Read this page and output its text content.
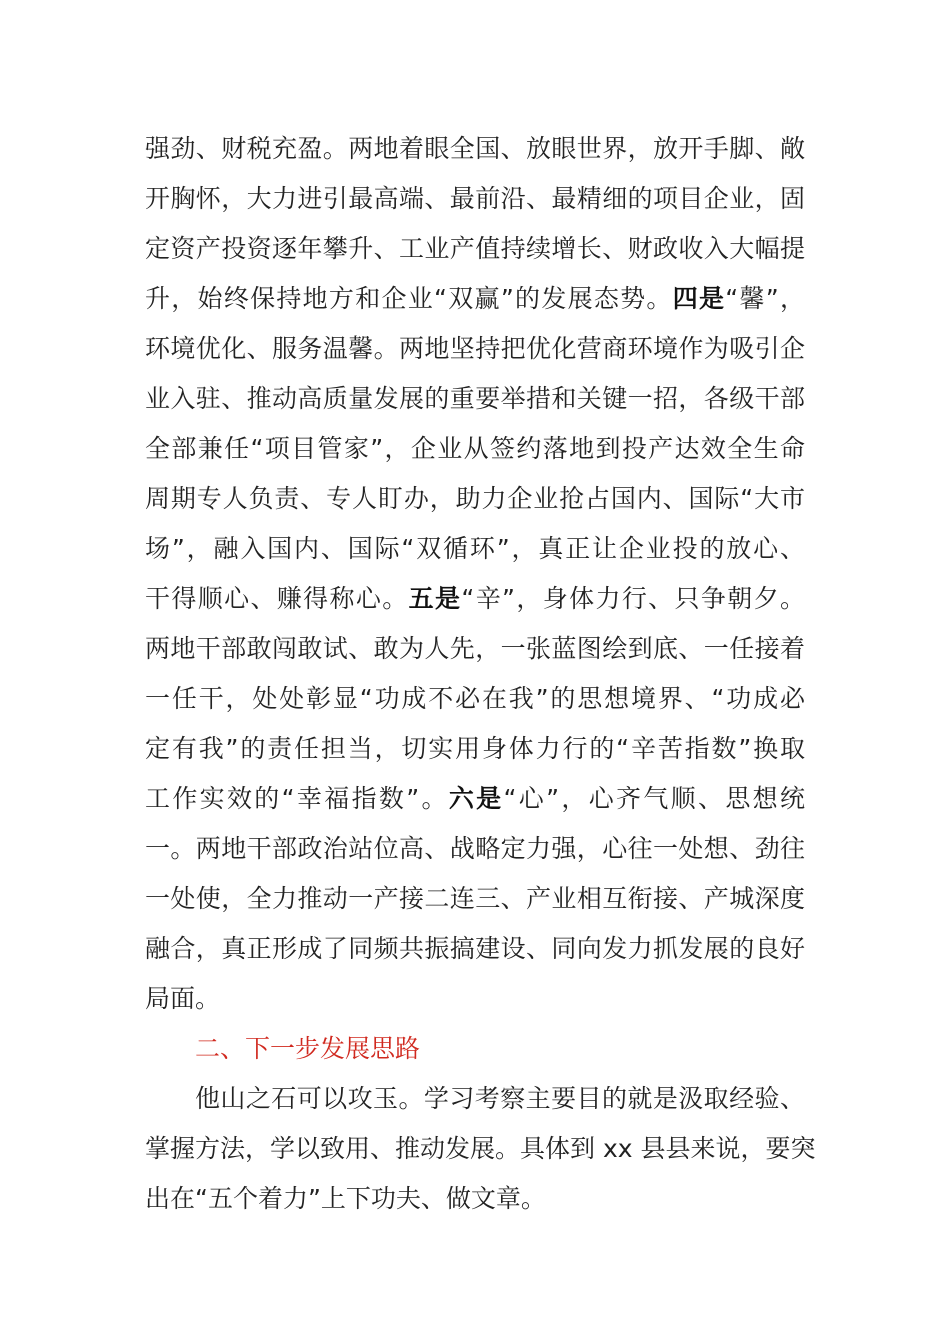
强劲、财税充盈。两地着眼全国、放眼世界，放开手脚、敞
开胸怀，大力进引最高端、最前沿、最精细的项目企业，固
定资产投资逐年攀升、工业产值持续增长、财政收入大幅提
升，始终保持地方和企业“双赢”的发展态势。四是“馨”，
环境优化、服务温馨。两地坚持把优化营商环境作为吸引企
业入驻、推动高质量发展的重要举措和关键一招，各级干部
全部兼任“项目管家”，企业从签约落地到投产达效全生命
周期专人负责、专人盯办，助力企业抢占国内、国际“大市
场”，融入国内、国际“双循环”，真正让企业投的放心、
干得顺心、赚得称心。五是“辛”，身体力行、只争朝夕。
两地干部敢闯敢试、敢为人先，一张蓝图绘到底、一任接着
一任干，处处彰显“功成不必在我”的思想境界、“功成必
定有我”的责任担当，切实用身体力行的“辛苦指数”换取
工作实效的“幸福指数”。六是“心”，心齐气顺、思想统
一。两地干部政治站位高、战略定力强，心往一处想、劲往
一处使，全力推动一产接二连三、产业相互衔接、产城深度
融合，真正形成了同频共振搞建设、同向发力抓发展的良好
局面。
二、下一步发展思路
他山之石可以攻玉。学习考察主要目的就是汲取经验、
掌握方法，学以致用、推动发展。具体到 xx 县县来说，要突
出在“五个着力”上下功夫、做文章。
